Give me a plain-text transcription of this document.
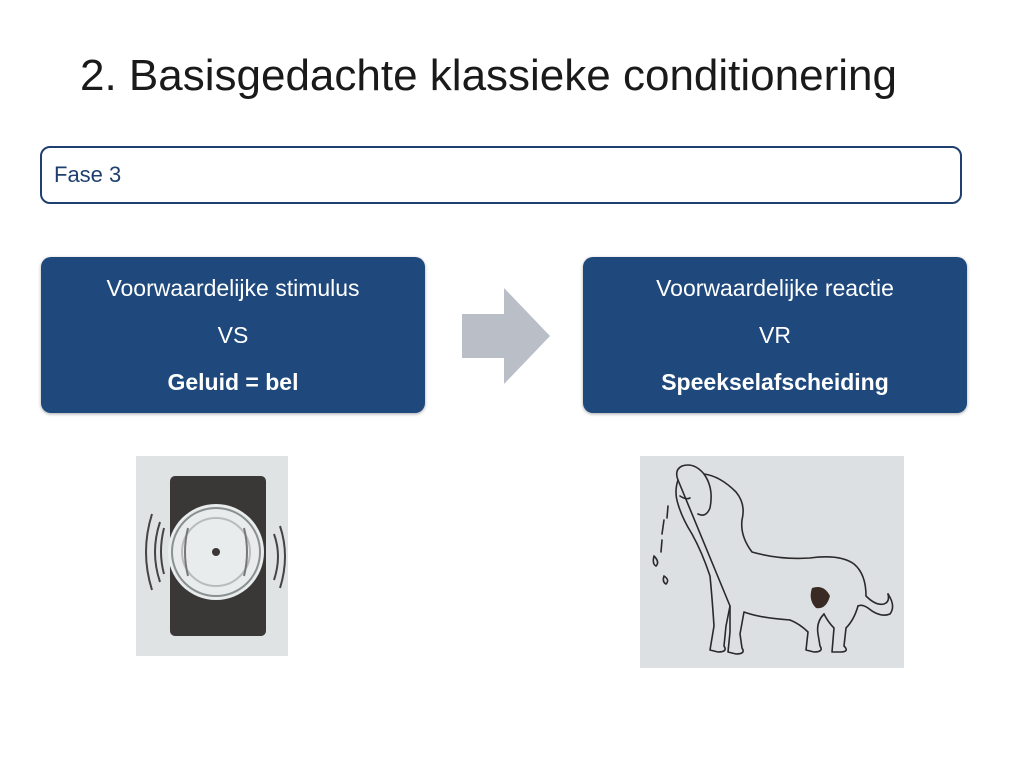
2. Basisgedachte klassieke conditionering
Fase 3
Voorwaardelijke stimulus
VS
Geluid = bel
Voorwaardelijke reactie
VR
Speekselafscheiding
